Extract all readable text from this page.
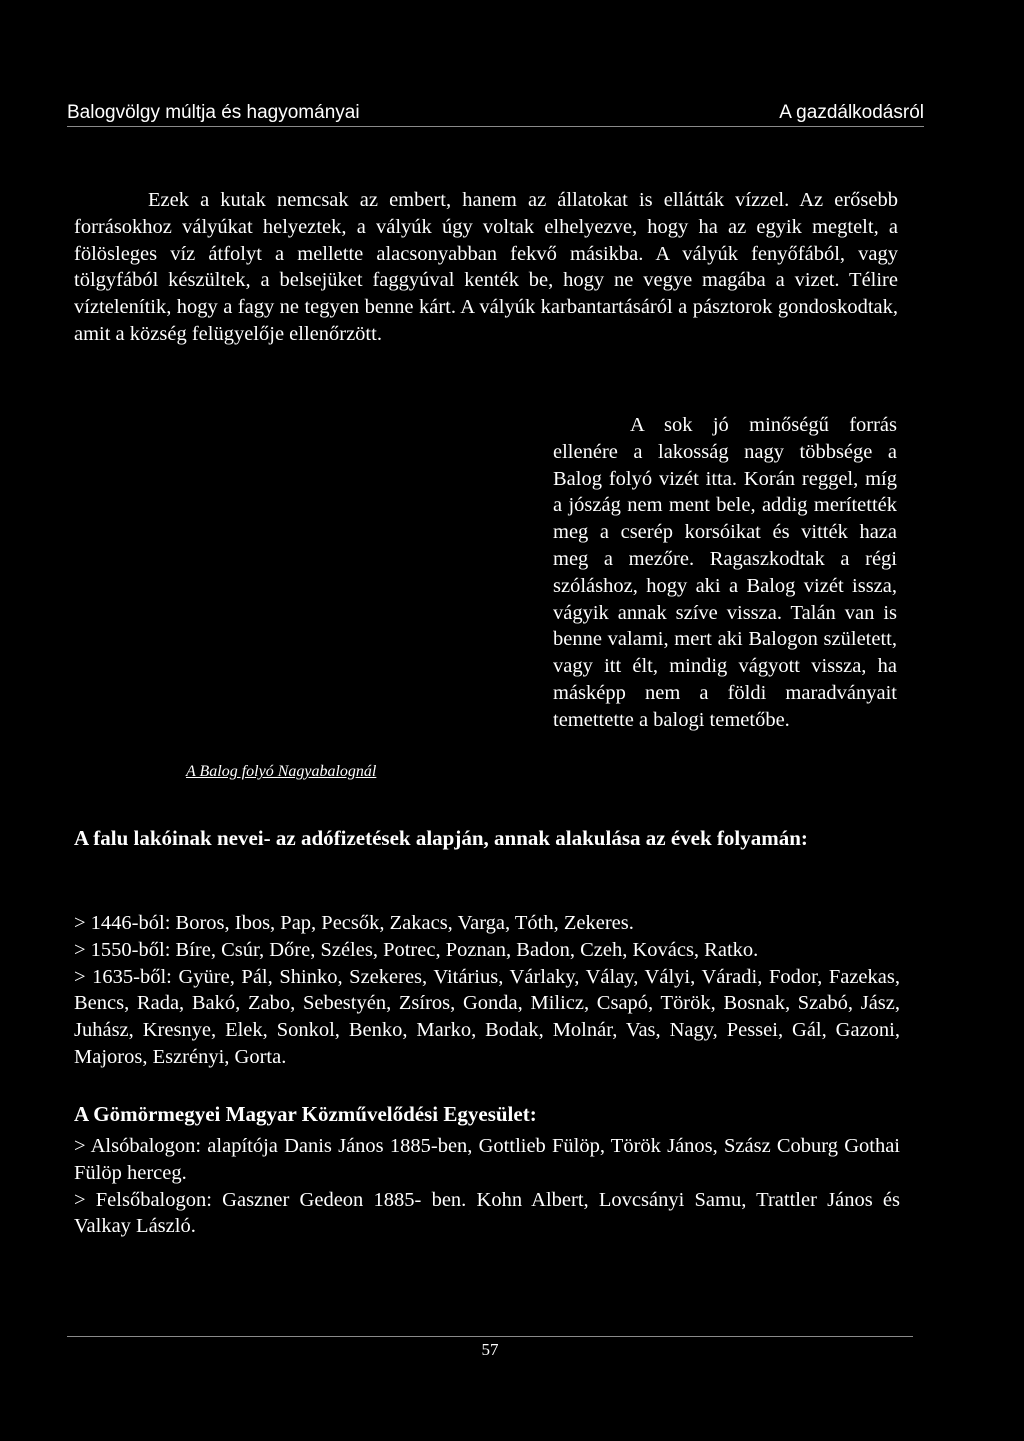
Balogvölgy múltja és hagyományai	A gazdálkodásról

Ezek a kutak nemcsak az embert, hanem az állatokat is ellátták vízzel. Az erősebb forrásokhoz vályúkat helyeztek, a vályúk úgy voltak elhelyezve, hogy ha az egyik megtelt, a fölösleges víz átfolyt a mellette alacsonyabban fekvő másikba. A vályúk fenyőfából, vagy tölgyfából készültek, a belsejüket faggyúval kenték be, hogy ne vegye magába a vizet. Télire víztelenítik, hogy a fagy ne tegyen benne kárt. A vályúk karbantartásáról a pásztorok gondoskodtak, amit a község felügyelője ellenőrzött.

A Balog folyó Nagyabalognál

A sok jó minőségű forrás ellenére a lakosság nagy többsége a Balog folyó vizét itta. Korán reggel, míg a jószág nem ment bele, addig merítették meg a cserép korsóikat és vitték haza meg a mezőre. Ragaszkodtak a régi szóláshoz, hogy aki a Balog vizét issza, vágyik annak szíve vissza. Talán van is benne valami, mert aki Balogon született, vagy itt élt, mindig vágyott vissza, ha másképp nem a földi maradványait temettette a balogi temetőbe.

A falu lakóinak nevei- az adófizetések alapján, annak alakulása az évek folyamán:

> 1446-ból: Boros, Ibos, Pap, Pecsők, Zakacs, Varga, Tóth, Zekeres.
> 1550-ből: Bíre, Csúr, Dőre, Széles, Potrec, Poznan, Badon, Czeh, Kovács, Ratko.
> 1635-ből: Gyüre, Pál, Shinko, Szekeres, Vitárius, Várlaky, Válay, Vályi, Váradi, Fodor, Fazekas, Bencs, Rada, Bakó, Zabo, Sebestyén, Zsíros, Gonda, Milicz, Csapó, Török, Bosnak, Szabó, Jász, Juhász, Kresnye, Elek, Sonkol, Benko, Marko, Bodak, Molnár, Vas, Nagy, Pessei, Gál, Gazoni, Majoros, Eszrényi, Gorta.

A Gömörmegyei Magyar Közművelődési Egyesület:

> Alsóbalogon: alapítója Danis János 1885-ben, Gottlieb Fülöp, Török János, Szász Coburg Gothai Fülöp herceg.
> Felsőbalogon: Gaszner Gedeon 1885- ben. Kohn Albert, Lovcsányi Samu, Trattler János és Valkay László.

57
